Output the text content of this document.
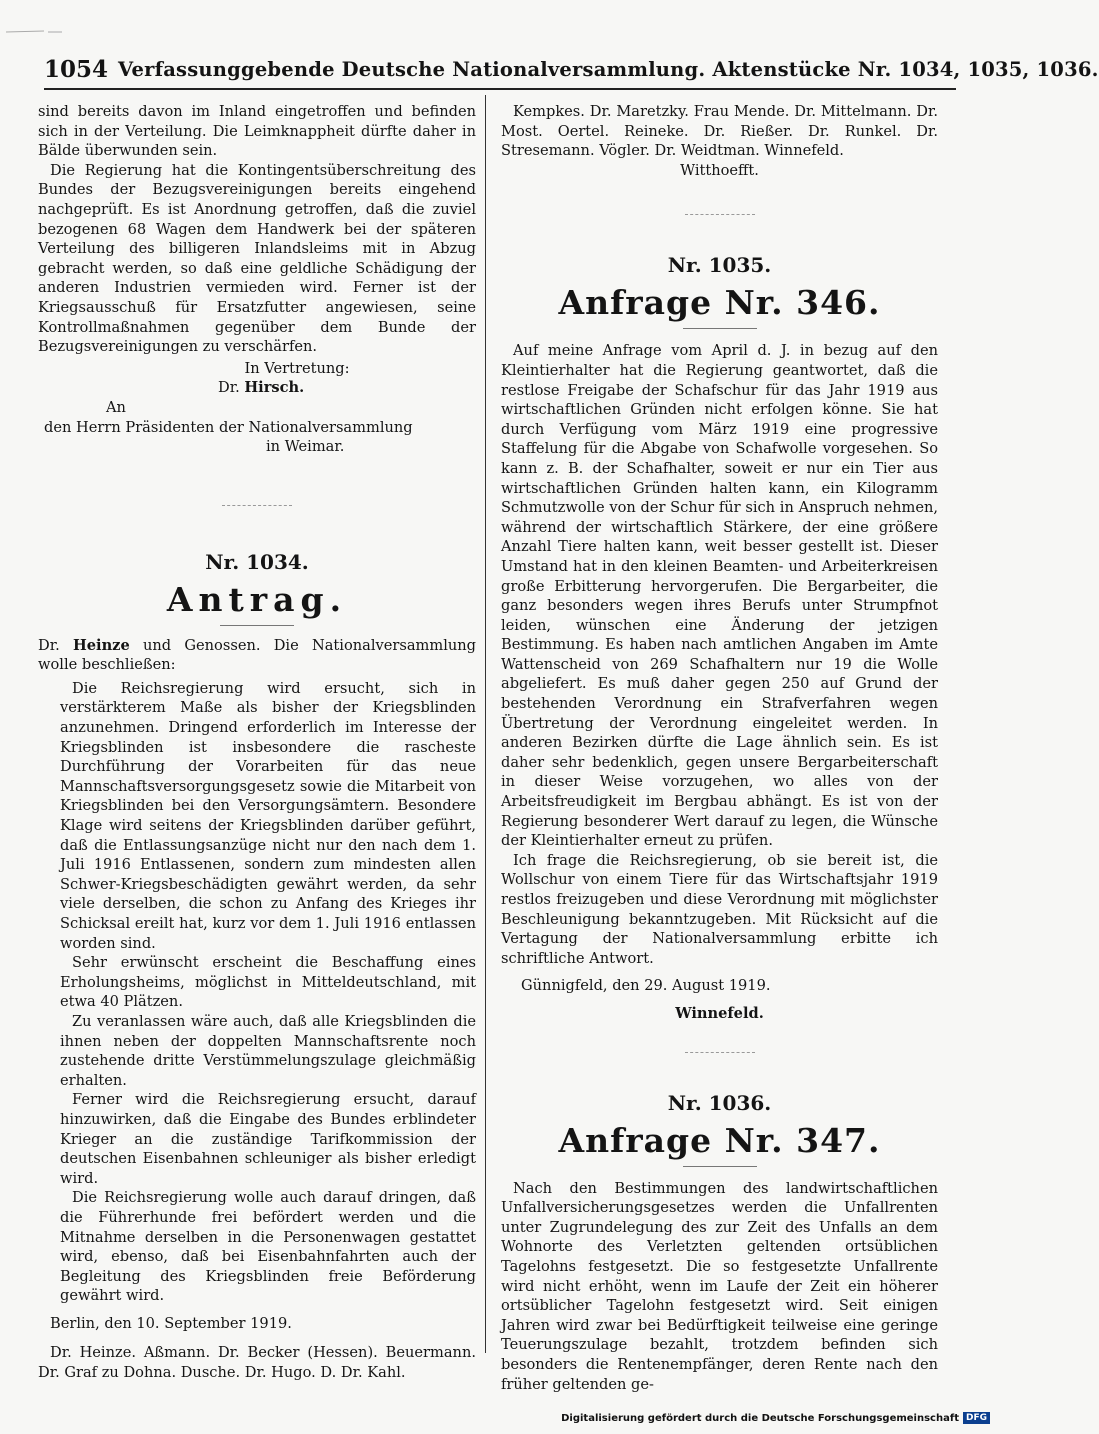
1054 Verfassunggebende Deutsche Nationalversammlung. Aktenstücke Nr. 1034, 1035, 1036.

sind bereits davon im Inland eingetroffen und befinden sich in der Verteilung. Die Leimknappheit dürfte daher in Bälde überwunden sein.

Die Regierung hat die Kontingentsüberschreitung des Bundes der Bezugsvereinigungen bereits eingehend nachgeprüft. Es ist Anordnung getroffen, daß die zuviel bezogenen 68 Wagen dem Handwerk bei der späteren Verteilung des billigeren Inlandsleims mit in Abzug gebracht werden, so daß eine geldliche Schädigung der anderen Industrien vermieden wird. Ferner ist der Kriegsausschuß für Ersatzfutter angewiesen, seine Kontrollmaßnahmen gegenüber dem Bunde der Bezugsvereinigungen zu verschärfen.

In Vertretung:
Dr. Hirsch.
An
den Herrn Präsidenten der Nationalversammlung
in Weimar.
Nr. 1034.
Antrag.

Dr. Heinze und Genossen. Die Nationalversammlung wolle beschließen:

Die Reichsregierung wird ersucht, sich in verstärkterem Maße als bisher der Kriegsblinden anzunehmen. Dringend erforderlich im Interesse der Kriegsblinden ist insbesondere die rascheste Durchführung der Vorarbeiten für das neue Mannschaftsversorgungsgesetz sowie die Mitarbeit von Kriegsblinden bei den Versorgungsämtern. Besondere Klage wird seitens der Kriegsblinden darüber geführt, daß die Entlassungsanzüge nicht nur den nach dem 1. Juli 1916 Entlassenen, sondern zum mindesten allen Schwer-Kriegsbeschädigten gewährt werden, da sehr viele derselben, die schon zu Anfang des Krieges ihr Schicksal ereilt hat, kurz vor dem 1. Juli 1916 entlassen worden sind.

Sehr erwünscht erscheint die Beschaffung eines Erholungsheims, möglichst in Mitteldeutschland, mit etwa 40 Plätzen.

Zu veranlassen wäre auch, daß alle Kriegsblinden die ihnen neben der doppelten Mannschaftsrente noch zustehende dritte Verstümmelungszulage gleichmäßig erhalten.

Ferner wird die Reichsregierung ersucht, darauf hinzuwirken, daß die Eingabe des Bundes erblindeter Krieger an die zuständige Tarifkommission der deutschen Eisenbahnen schleuniger als bisher erledigt wird.

Die Reichsregierung wolle auch darauf dringen, daß die Führerhunde frei befördert werden und die Mitnahme derselben in die Personenwagen gestattet wird, ebenso, daß bei Eisenbahnfahrten auch der Begleitung des Kriegsblinden freie Beförderung gewährt wird.

Berlin, den 10. September 1919.

Dr. Heinze. Aßmann. Dr. Becker (Hessen). Beuermann. Dr. Graf zu Dohna. Dusche. Dr. Hugo. D. Dr. Kahl.

Kempkes. Dr. Maretzky. Frau Mende. Dr. Mittelmann. Dr. Most. Oertel. Reineke. Dr. Rießer. Dr. Runkel. Dr. Stresemann. Vögler. Dr. Weidtman. Winnefeld.

Witthoefft.

Nr. 1035.
Anfrage Nr. 346.

Auf meine Anfrage vom April d. J. in bezug auf den Kleintierhalter hat die Regierung geantwortet, daß die restlose Freigabe der Schafschur für das Jahr 1919 aus wirtschaftlichen Gründen nicht erfolgen könne. Sie hat durch Verfügung vom März 1919 eine progressive Staffelung für die Abgabe von Schafwolle vorgesehen. So kann z. B. der Schafhalter, soweit er nur ein Tier aus wirtschaftlichen Gründen halten kann, ein Kilogramm Schmutzwolle von der Schur für sich in Anspruch nehmen, während der wirtschaftlich Stärkere, der eine größere Anzahl Tiere halten kann, weit besser gestellt ist. Dieser Umstand hat in den kleinen Beamten- und Arbeiterkreisen große Erbitterung hervorgerufen. Die Bergarbeiter, die ganz besonders wegen ihres Berufs unter Strumpfnot leiden, wünschen eine Änderung der jetzigen Bestimmung. Es haben nach amtlichen Angaben im Amte Wattenscheid von 269 Schafhaltern nur 19 die Wolle abgeliefert. Es muß daher gegen 250 auf Grund der bestehenden Verordnung ein Strafverfahren wegen Übertretung der Verordnung eingeleitet werden. In anderen Bezirken dürfte die Lage ähnlich sein. Es ist daher sehr bedenklich, gegen unsere Bergarbeiterschaft in dieser Weise vorzugehen, wo alles von der Arbeitsfreudigkeit im Bergbau abhängt. Es ist von der Regierung besonderer Wert darauf zu legen, die Wünsche der Kleintierhalter erneut zu prüfen.

Ich frage die Reichsregierung, ob sie bereit ist, die Wollschur von einem Tiere für das Wirtschaftsjahr 1919 restlos freizugeben und diese Verordnung mit möglichster Beschleunigung bekanntzugeben. Mit Rücksicht auf die Vertagung der Nationalversammlung erbitte ich schriftliche Antwort.

Günnigfeld, den 29. August 1919.

Winnefeld.

Nr. 1036.
Anfrage Nr. 347.

Nach den Bestimmungen des landwirtschaftlichen Unfallversicherungsgesetzes werden die Unfallrenten unter Zugrundelegung des zur Zeit des Unfalls an dem Wohnorte des Verletzten geltenden ortsüblichen Tagelohns festgesetzt. Die so festgesetzte Unfallrente wird nicht erhöht, wenn im Laufe der Zeit ein höherer ortsüblicher Tagelohn festgesetzt wird. Seit einigen Jahren wird zwar bei Bedürftigkeit teilweise eine geringe Teuerungszulage bezahlt, trotzdem befinden sich besonders die Rentenempfänger, deren Rente nach den früher geltenden ge-

Digitalisierung gefördert durch die Deutsche Forschungsgemeinschaft DFG
